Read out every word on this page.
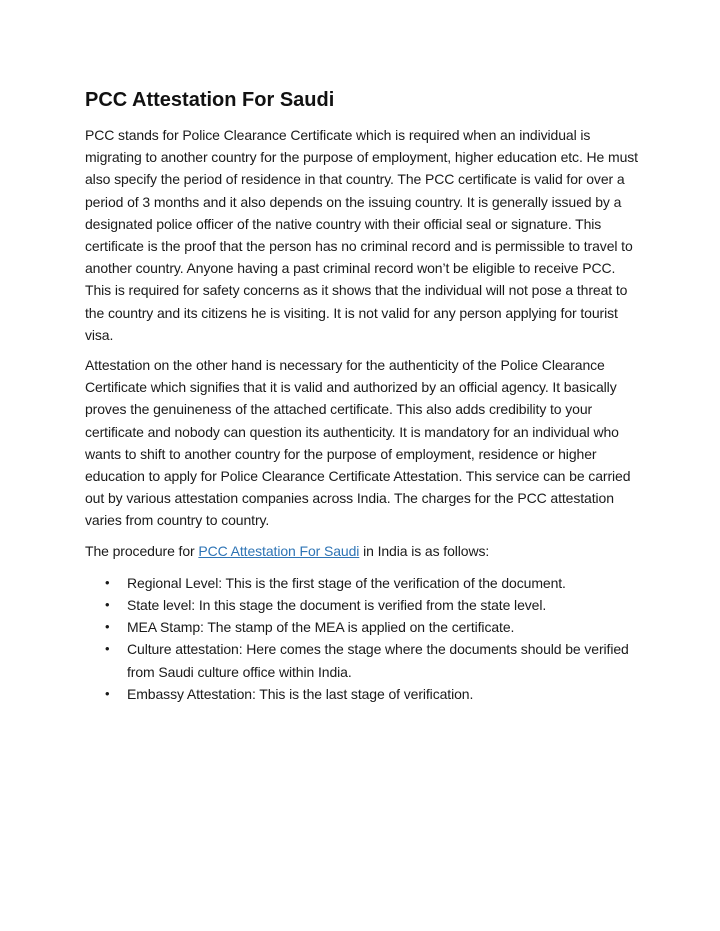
PCC Attestation For Saudi

PCC stands for Police Clearance Certificate which is required when an individual is migrating to another country for the purpose of employment, higher education etc. He must also specify the period of residence in that country. The PCC certificate is valid for over a period of 3 months and it also depends on the issuing country. It is generally issued by a designated police officer of the native country with their official seal or signature. This certificate is the proof that the person has no criminal record and is permissible to travel to another country. Anyone having a past criminal record won’t be eligible to receive PCC. This is required for safety concerns as it shows that the individual will not pose a threat to the country and its citizens he is visiting. It is not valid for any person applying for tourist visa.

Attestation on the other hand is necessary for the authenticity of the Police Clearance Certificate which signifies that it is valid and authorized by an official agency. It basically proves the genuineness of the attached certificate. This also adds credibility to your certificate and nobody can question its authenticity. It is mandatory for an individual who wants to shift to another country for the purpose of employment, residence or higher education to apply for Police Clearance Certificate Attestation. This service can be carried out by various attestation companies across India. The charges for the PCC attestation varies from country to country.

The procedure for PCC Attestation For Saudi in India is as follows:

• Regional Level: This is the first stage of the verification of the document.
• State level: In this stage the document is verified from the state level.
• MEA Stamp: The stamp of the MEA is applied on the certificate.
• Culture attestation: Here comes the stage where the documents should be verified from Saudi culture office within India.
• Embassy Attestation: This is the last stage of verification.
